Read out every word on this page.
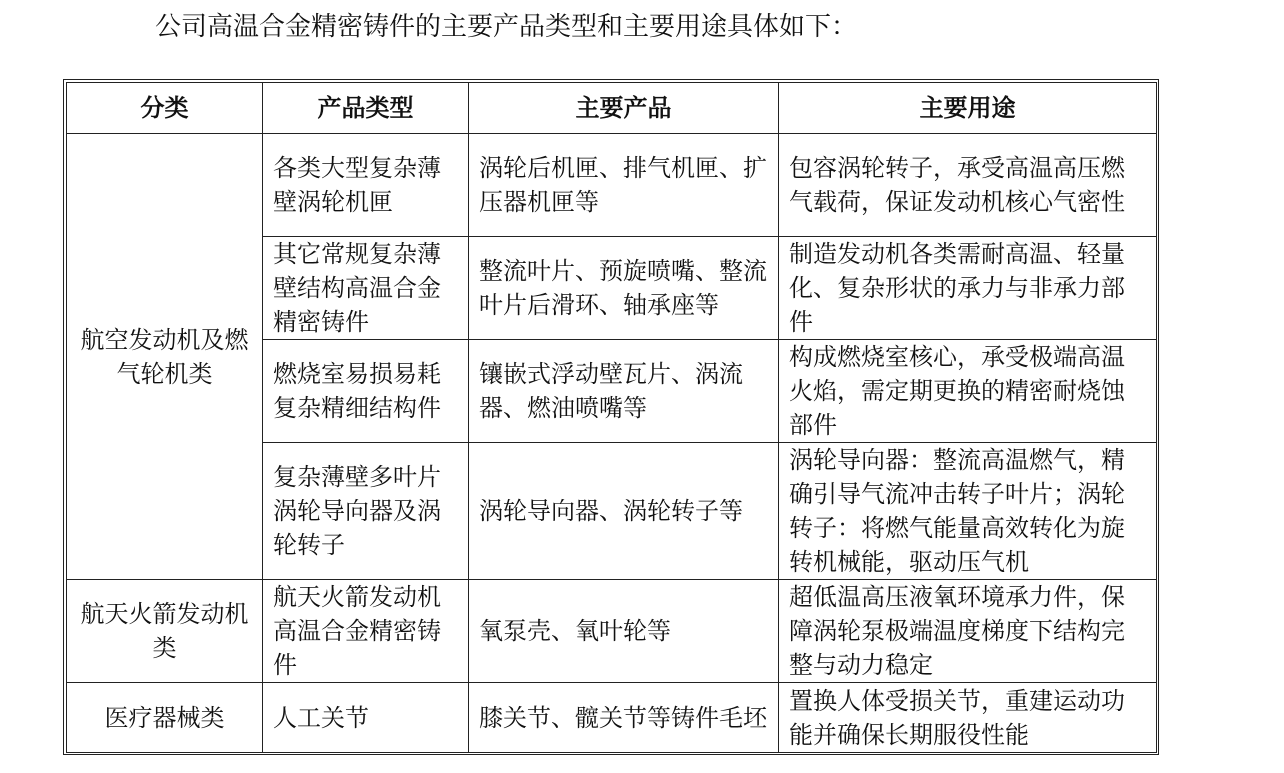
公司高温合金精密铸件的主要产品类型和主要用途具体如下：
分类	产品类型	主要产品	主要用途
航空发动机及燃气轮机类	各类大型复杂薄壁涡轮机匣	涡轮后机匣、排气机匣、扩压器机匣等	包容涡轮转子，承受高温高压燃气载荷，保证发动机核心气密性
	其它常规复杂薄壁结构高温合金精密铸件	整流叶片、预旋喷嘴、整流叶片后滑环、轴承座等	制造发动机各类需耐高温、轻量化、复杂形状的承力与非承力部件
	燃烧室易损易耗复杂精细结构件	镶嵌式浮动壁瓦片、涡流器、燃油喷嘴等	构成燃烧室核心，承受极端高温火焰，需定期更换的精密耐烧蚀部件
	复杂薄壁多叶片涡轮导向器及涡轮转子	涡轮导向器、涡轮转子等	涡轮导向器：整流高温燃气，精确引导气流冲击转子叶片；涡轮转子：将燃气能量高效转化为旋转机械能，驱动压气机
航天火箭发动机类	航天火箭发动机高温合金精密铸件	氧泵壳、氧叶轮等	超低温高压液氧环境承力件，保障涡轮泵极端温度梯度下结构完整与动力稳定
医疗器械类	人工关节	膝关节、髋关节等铸件毛坯	置换人体受损关节，重建运动功能并确保长期服役性能
